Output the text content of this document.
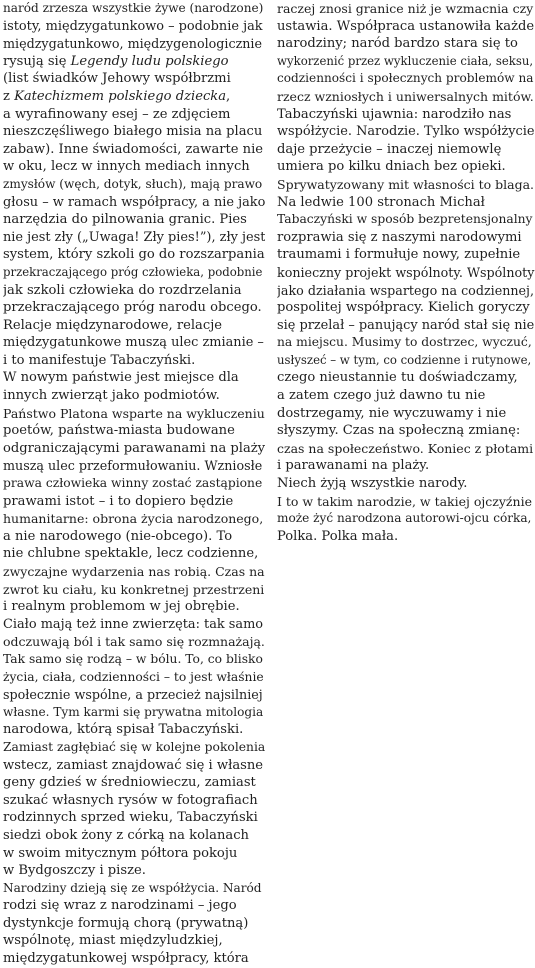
naród zrzesza wszystkie żywe (narodzone)
istoty, międzygatunkowo – podobnie jak
międzygatunkowo, międzygenologicznie
rysują się Legendy ludu polskiego
(list świadków Jehowy współbrzmi
z Katechizmem polskiego dziecka,
a wyrafinowany esej – ze zdjęciem
nieszczęśliwego białego misia na placu
zabaw). Inne świadomości, zawarte nie
w oku, lecz w innych mediach innych
zmysłów (węch, dotyk, słuch), mają prawo
głosu – w ramach współpracy, a nie jako
narzędzia do pilnowania granic. Pies
nie jest zły („Uwaga! Zły pies!”), zły jest
system, który szkoli go do rozszarpania
przekraczającego próg człowieka, podobnie
jak szkoli człowieka do rozdrzelania
przekraczającego próg narodu obcego.
Relacje międzynarodowe, relacje
międzygatunkowe muszą ulec zmianie –
i to manifestuje Tabaczyński.
W nowym państwie jest miejsce dla
innych zwierząt jako podmiotów.
Państwo Platona wsparte na wykluczeniu
poetów, państwa-miasta budowane
odgraniczającymi parawanami na plaży
muszą ulec przeformułowaniu. Wzniosłe
prawa człowieka winny zostać zastąpione
prawami istot – i to dopiero będzie
humanitarne: obrona życia narodzonego,
a nie narodowego (nie-obcego). To
nie chlubne spektakle, lecz codzienne,
zwyczajne wydarzenia nas robią. Czas na
zwrot ku ciału, ku konkretnej przestrzeni
i realnym problemom w jej obrębie.
Ciało mają też inne zwierzęta: tak samo
odczuwają ból i tak samo się rozmnażają.
Tak samo się rodzą – w bólu. To, co blisko
życia, ciała, codzienności – to jest właśnie
społecznie wspólne, a przecież najsilniej
własne. Tym karmi się prywatna mitologia
narodowa, którą spisał Tabaczyński.
Zamiast zagłębiać się w kolejne pokolenia
wstecz, zamiast znajdować się i własne
geny gdzieś w średniowieczu, zamiast
szukać własnych rysów w fotografiach
rodzinnych sprzed wieku, Tabaczyński
siedzi obok żony z córką na kolanach
w swoim mitycznym półtora pokoju
w Bydgoszczy i pisze.
Narodziny dzieją się ze współżycia. Naród
rodzi się wraz z narodzinami – jego
dystynkcje formują chorą (prywatną)
wspólnotę, miast międzyludzkiej,
międzygatunkowej współpracy, która
raczej znosi granice niż je wzmacnia czy
ustawia. Współpraca ustanowiła każde
narodziny; naród bardzo stara się to
wykorzenić przez wykluczenie ciała, seksu,
codzienności i społecznych problemów na
rzecz wzniosłych i uniwersalnych mitów.
Tabaczyński ujawnia: narodziło nas
współżycie. Narodzie. Tylko współżycie
daje przeżycie – inaczej niemowlę
umiera po kilku dniach bez opieki.
Sprywatyzowany mit własności to blaga.
Na ledwie 100 stronach Michał
Tabaczyński w sposób bezpretensjonalny
rozprawia się z naszymi narodowymi
traumami i formułuje nowy, zupełnie
konieczny projekt wspólnoty. Wspólnoty
jako działania wspartego na codziennej,
pospolitej współpracy. Kielich goryczy
się przelał – panujący naród stał się nie
na miejscu. Musimy to dostrzec, wyczuć,
usłyszeć – w tym, co codzienne i rutynowe,
czego nieustannie tu doświadczamy,
a zatem czego już dawno tu nie
dostrzegamy, nie wyczuwamy i nie
słyszymy. Czas na społeczną zmianę:
czas na społeczeństwo. Koniec z płotami
i parawanami na plaży.
Niech żyją wszystkie narody.
I to w takim narodzie, w takiej ojczyźnie
może żyć narodzona autorowi-ojcu córka,
Polka. Polka mała.
